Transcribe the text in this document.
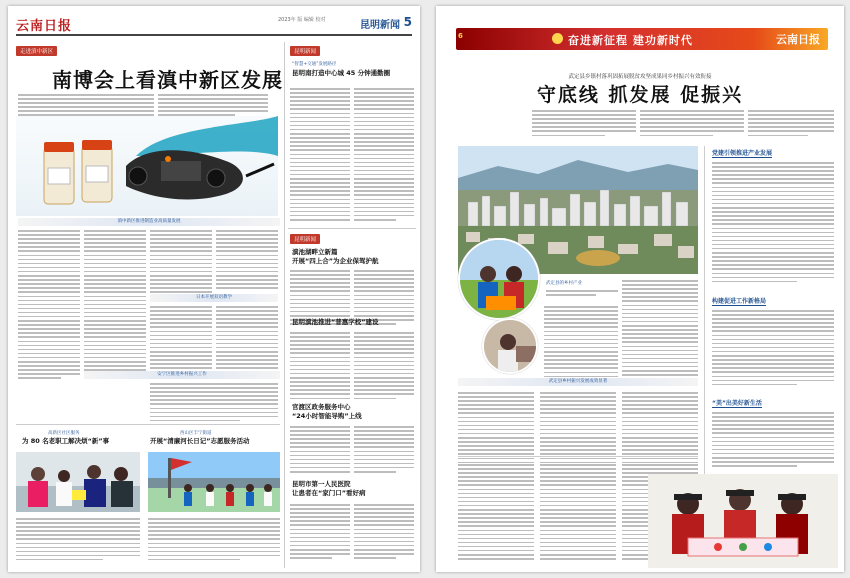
云南日报	2023年 版 编辑 校对	昆明新闻 5
走进滇中新区
南博会上看滇中新区发展
滇中新区推进制造业高质量发展
日本开展双语教学
安宁区推进乡村振兴工作
高新区社区服务
为 80 名老职工解决烦“新”事
西山区丰宁街道
开展“清廉河长日记”志愿服务活动
昆明新闻
“智慧+交通”发展路径
昆明南打造中心城 45 分钟通勤圈
昆明新闻
滇池湖畔立新篇
开展“四上合”为企业保驾护航
昆明滇池推进“普惠学校”建设
官渡区政务服务中心
“24小时智能导购”上线
昆明市第一人民医院
让患者在“家门口”看好病
奋进新征程 建功新时代	云南日报
6
武定县乡镇村落巩固拓展脱贫攻坚成果同乡村振兴有效衔接
守底线 抓发展 促振兴
武定县的乡村产业
武定县乡村振兴发展成效显著
党建引领推进产业发展
构建促进工作新格局
“美”出美好新生活
